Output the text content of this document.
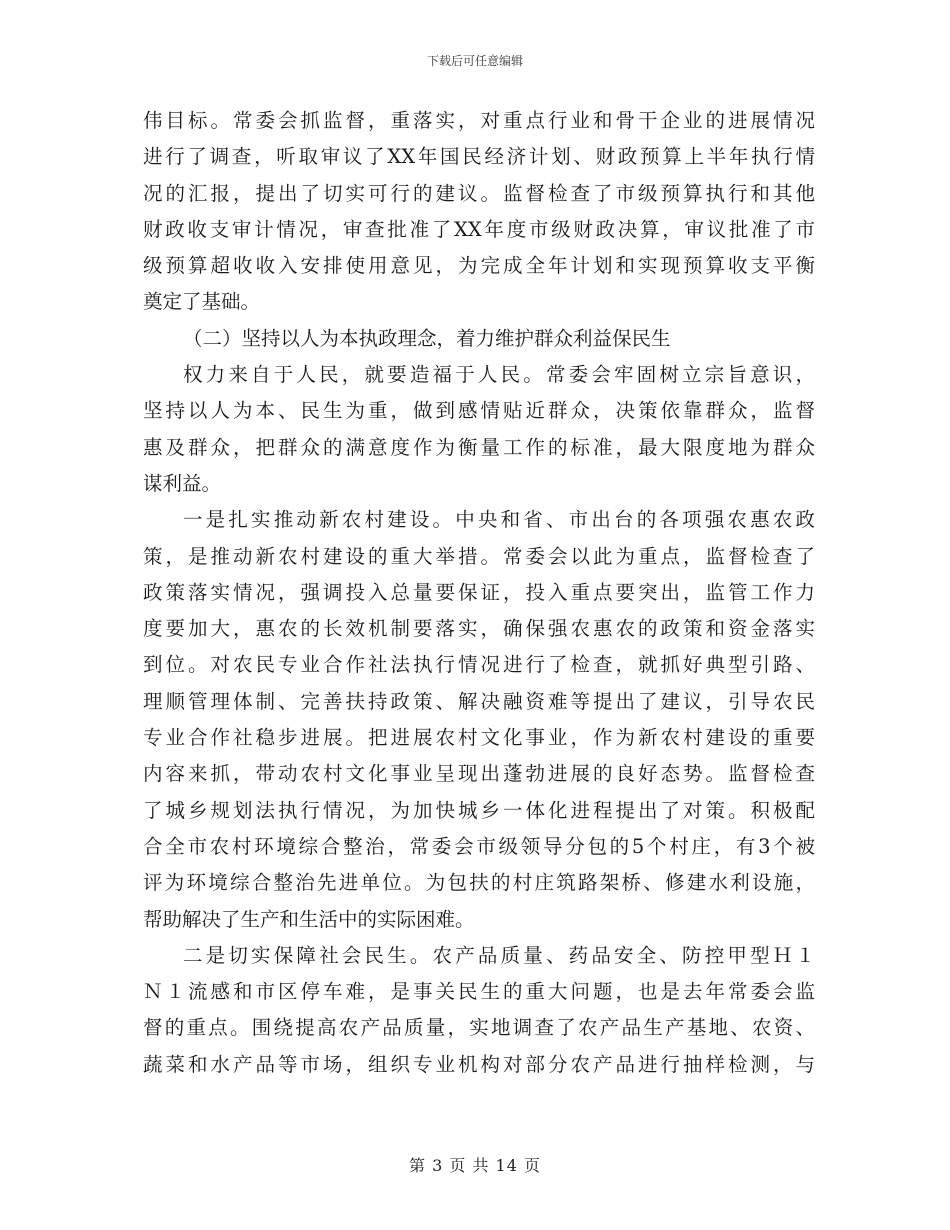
下载后可任意编辑
伟目标。常委会抓监督，重落实，对重点行业和骨干企业的进展情况
进行了调查，听取审议了XX年国民经济计划、财政预算上半年执行情
况的汇报，提出了切实可行的建议。监督检查了市级预算执行和其他
财政收支审计情况，审查批准了XX年度市级财政决算，审议批准了市
级预算超收收入安排使用意见，为完成全年计划和实现预算收支平衡
奠定了基础。
（二）坚持以人为本执政理念，着力维护群众利益保民生
权力来自于人民，就要造福于人民。常委会牢固树立宗旨意识，
坚持以人为本、民生为重，做到感情贴近群众，决策依靠群众，监督
惠及群众，把群众的满意度作为衡量工作的标准，最大限度地为群众
谋利益。
一是扎实推动新农村建设。中央和省、市出台的各项强农惠农政
策，是推动新农村建设的重大举措。常委会以此为重点，监督检查了
政策落实情况，强调投入总量要保证，投入重点要突出，监管工作力
度要加大，惠农的长效机制要落实，确保强农惠农的政策和资金落实
到位。对农民专业合作社法执行情况进行了检查，就抓好典型引路、
理顺管理体制、完善扶持政策、解决融资难等提出了建议，引导农民
专业合作社稳步进展。把进展农村文化事业，作为新农村建设的重要
内容来抓，带动农村文化事业呈现出蓬勃进展的良好态势。监督检查
了城乡规划法执行情况，为加快城乡一体化进程提出了对策。积极配
合全市农村环境综合整治，常委会市级领导分包的5个村庄，有3个被
评为环境综合整治先进单位。为包扶的村庄筑路架桥、修建水利设施，
帮助解决了生产和生活中的实际困难。
二是切实保障社会民生。农产品质量、药品安全、防控甲型Ｈ１
Ｎ１流感和市区停车难，是事关民生的重大问题，也是去年常委会监
督的重点。围绕提高农产品质量，实地调查了农产品生产基地、农资、
蔬菜和水产品等市场，组织专业机构对部分农产品进行抽样检测，与
第 3 页 共 14 页
